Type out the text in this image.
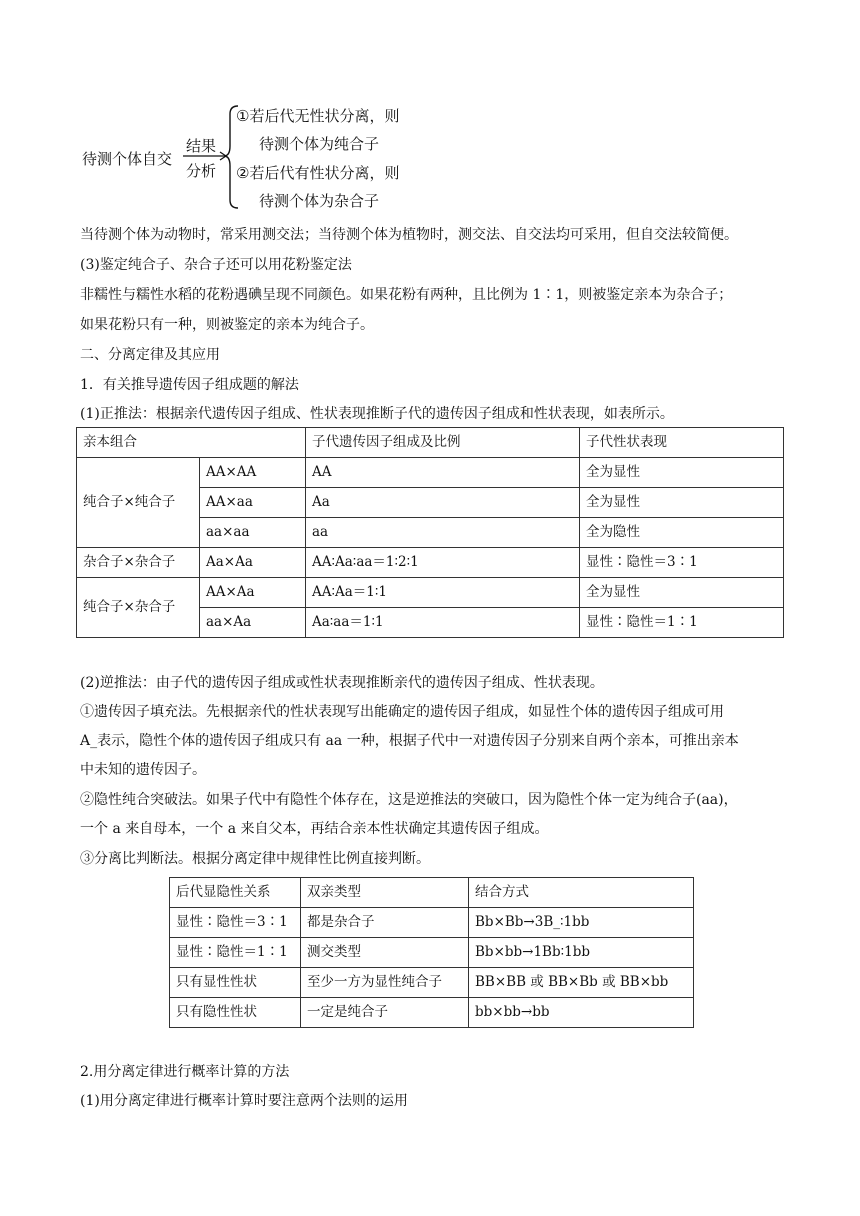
待测个体自交
结果
分析
①若后代无性状分离，则
待测个体为纯合子
②若后代有性状分离，则
待测个体为杂合子
当待测个体为动物时，常采用测交法；当待测个体为植物时，测交法、自交法均可采用，但自交法较简便。
(3)鉴定纯合子、杂合子还可以用花粉鉴定法
非糯性与糯性水稻的花粉遇碘呈现不同颜色。如果花粉有两种，且比例为 1∶1，则被鉴定亲本为杂合子；
如果花粉只有一种，则被鉴定的亲本为纯合子。
二、分离定律及其应用
1．有关推导遗传因子组成题的解法
(1)正推法：根据亲代遗传因子组成、性状表现推断子代的遗传因子组成和性状表现，如表所示。
亲本组合		子代遗传因子组成及比例	子代性状表现
纯合子×纯合子	AA×AA	AA	全为显性
	AA×aa	Aa	全为显性
	aa×aa	aa	全为隐性
杂合子×杂合子	Aa×Aa	AA∶Aa∶aa＝1∶2∶1	显性∶隐性＝3∶1
纯合子×杂合子	AA×Aa	AA∶Aa＝1∶1	全为显性
	aa×Aa	Aa∶aa＝1∶1	显性∶隐性＝1∶1
(2)逆推法：由子代的遗传因子组成或性状表现推断亲代的遗传因子组成、性状表现。
①遗传因子填充法。先根据亲代的性状表现写出能确定的遗传因子组成，如显性个体的遗传因子组成可用
A_表示，隐性个体的遗传因子组成只有 aa 一种，根据子代中一对遗传因子分别来自两个亲本，可推出亲本
中未知的遗传因子。
②隐性纯合突破法。如果子代中有隐性个体存在，这是逆推法的突破口，因为隐性个体一定为纯合子(aa)，
一个 a 来自母本，一个 a 来自父本，再结合亲本性状确定其遗传因子组成。
③分离比判断法。根据分离定律中规律性比例直接判断。
后代显隐性关系	双亲类型	结合方式
显性∶隐性＝3∶1	都是杂合子	Bb×Bb→3B_∶1bb
显性∶隐性＝1∶1	测交类型	Bb×bb→1Bb∶1bb
只有显性性状	至少一方为显性纯合子	BB×BB 或 BB×Bb 或 BB×bb
只有隐性性状	一定是纯合子	bb×bb→bb
2.用分离定律进行概率计算的方法
(1)用分离定律进行概率计算时要注意两个法则的运用
